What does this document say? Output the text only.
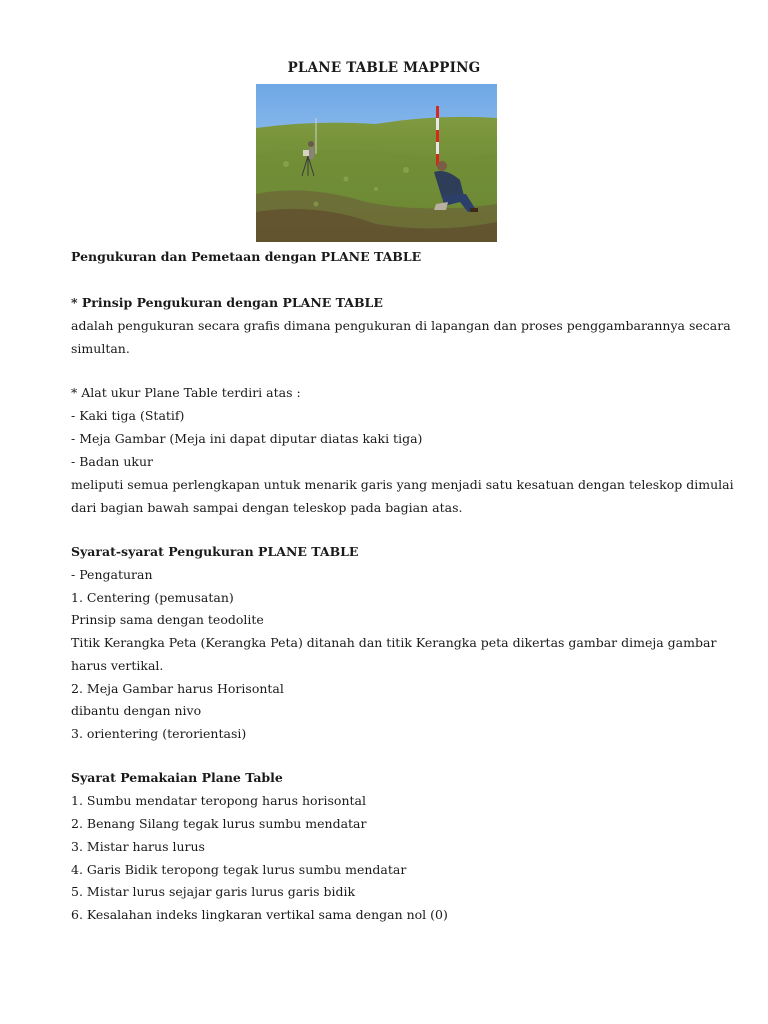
PLANE TABLE MAPPING
Pengukuran dan Pemetaan dengan PLANE TABLE
* Prinsip Pengukuran dengan PLANE TABLE
adalah pengukuran secara grafis dimana pengukuran di lapangan dan proses penggambarannya secara
simultan.
* Alat ukur Plane Table terdiri atas :
- Kaki tiga (Statif)
- Meja Gambar (Meja ini dapat diputar diatas kaki tiga)
- Badan ukur
meliputi semua perlengkapan untuk menarik garis yang menjadi satu kesatuan dengan teleskop dimulai
dari bagian bawah sampai dengan teleskop pada bagian atas.
Syarat-syarat Pengukuran PLANE TABLE
- Pengaturan
1. Centering (pemusatan)
Prinsip sama dengan teodolite
Titik Kerangka Peta (Kerangka Peta) ditanah dan titik Kerangka peta dikertas gambar dimeja gambar
harus vertikal.
2. Meja Gambar harus Horisontal
dibantu dengan nivo
3. orientering (terorientasi)
Syarat Pemakaian Plane Table
1. Sumbu mendatar teropong harus horisontal
2. Benang Silang tegak lurus sumbu mendatar
3. Mistar harus lurus
4. Garis Bidik teropong tegak lurus sumbu mendatar
5. Mistar lurus sejajar garis lurus garis bidik
6. Kesalahan indeks lingkaran vertikal sama dengan nol (0)
